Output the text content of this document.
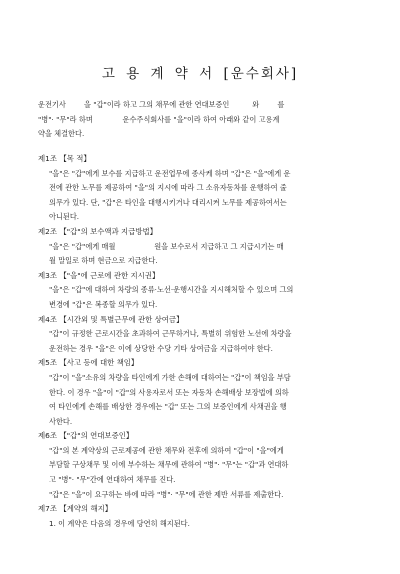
고 용 계 약 서 [운수회사]
운전기사        을 "갑"이라 하고 그의 채무에 관한 연대보증인          와        를
"병"· "무"라 하며             운수주식회사를 "을"이라 하여 아래와 같이 고용계
약을 체결한다.
제1조 【목 적】
"을"은 "갑"에게 보수를 지급하고 운전업무에 종사케 하며 "갑"은 "을"에게 운
전에 관한 노무를 제공하여 "을"의 지시에 따라 그 소유자동차를 운행하여 줄
의무가 있다. 단, "갑"은 타인을 대행시키거나 대리시켜 노무를 제공하여서는
아니된다.
제2조 【"갑"의 보수액과 지급방법】
"을"은 "갑"에게 매월                 원을 보수로서 지급하고 그 지급시기는 매
월 말일로 하며 현금으로 지급한다.
제3조 【"을"에 근로에 관한 지시권】
"을"은 "갑"에 대하여 차량의 종류·노선·운행시간을 지시해처할 수 있으며 그의
변경에 "갑"은 복종할 의무가 있다.
제4조 【시간외 및 특별근무에 관한 상여금】
"갑"이 규정한 근로시간을 초과하여 근무하거나, 특별히 위험한 노선에 차량을
운전하는 경우 "을"은 이에 상당한 수당 기타 상여금을 지급하여야 한다.
제5조 【사고 등에 대한 책임】
"갑"이 "을"소유의 차량을 타인에게 가한 손해에 대하여는 "갑"이 책임을 부담
한다. 이 경우 "을"이 "갑"의 사용자로서 또는 자동차 손해배상 보장법에 의하
여 타인에게 손해를 배상한 경우에는 "갑" 또는 그의 보증인에게 사채권을 행
사한다.
제6조 【"갑"의 연대보증인】
"갑"의 본 계약상의 근로제공에 관한 채무와 전후에 의하여 "갑"이 "을"에게
부담할 구상채무 및 이에 부수하는 채무에 관하여 "병"· "무"는 "갑"과 연대하
고 "병"· "무"간에 연대하여 채무를 진다.
"갑"은 "을"이 요구하는 바에 따라 "병"· "무"에 관한 제반 서류를 제출한다.
제7조 【계약의 해지】
1. 이 계약은 다음의 경우에 당연히 해지된다.
